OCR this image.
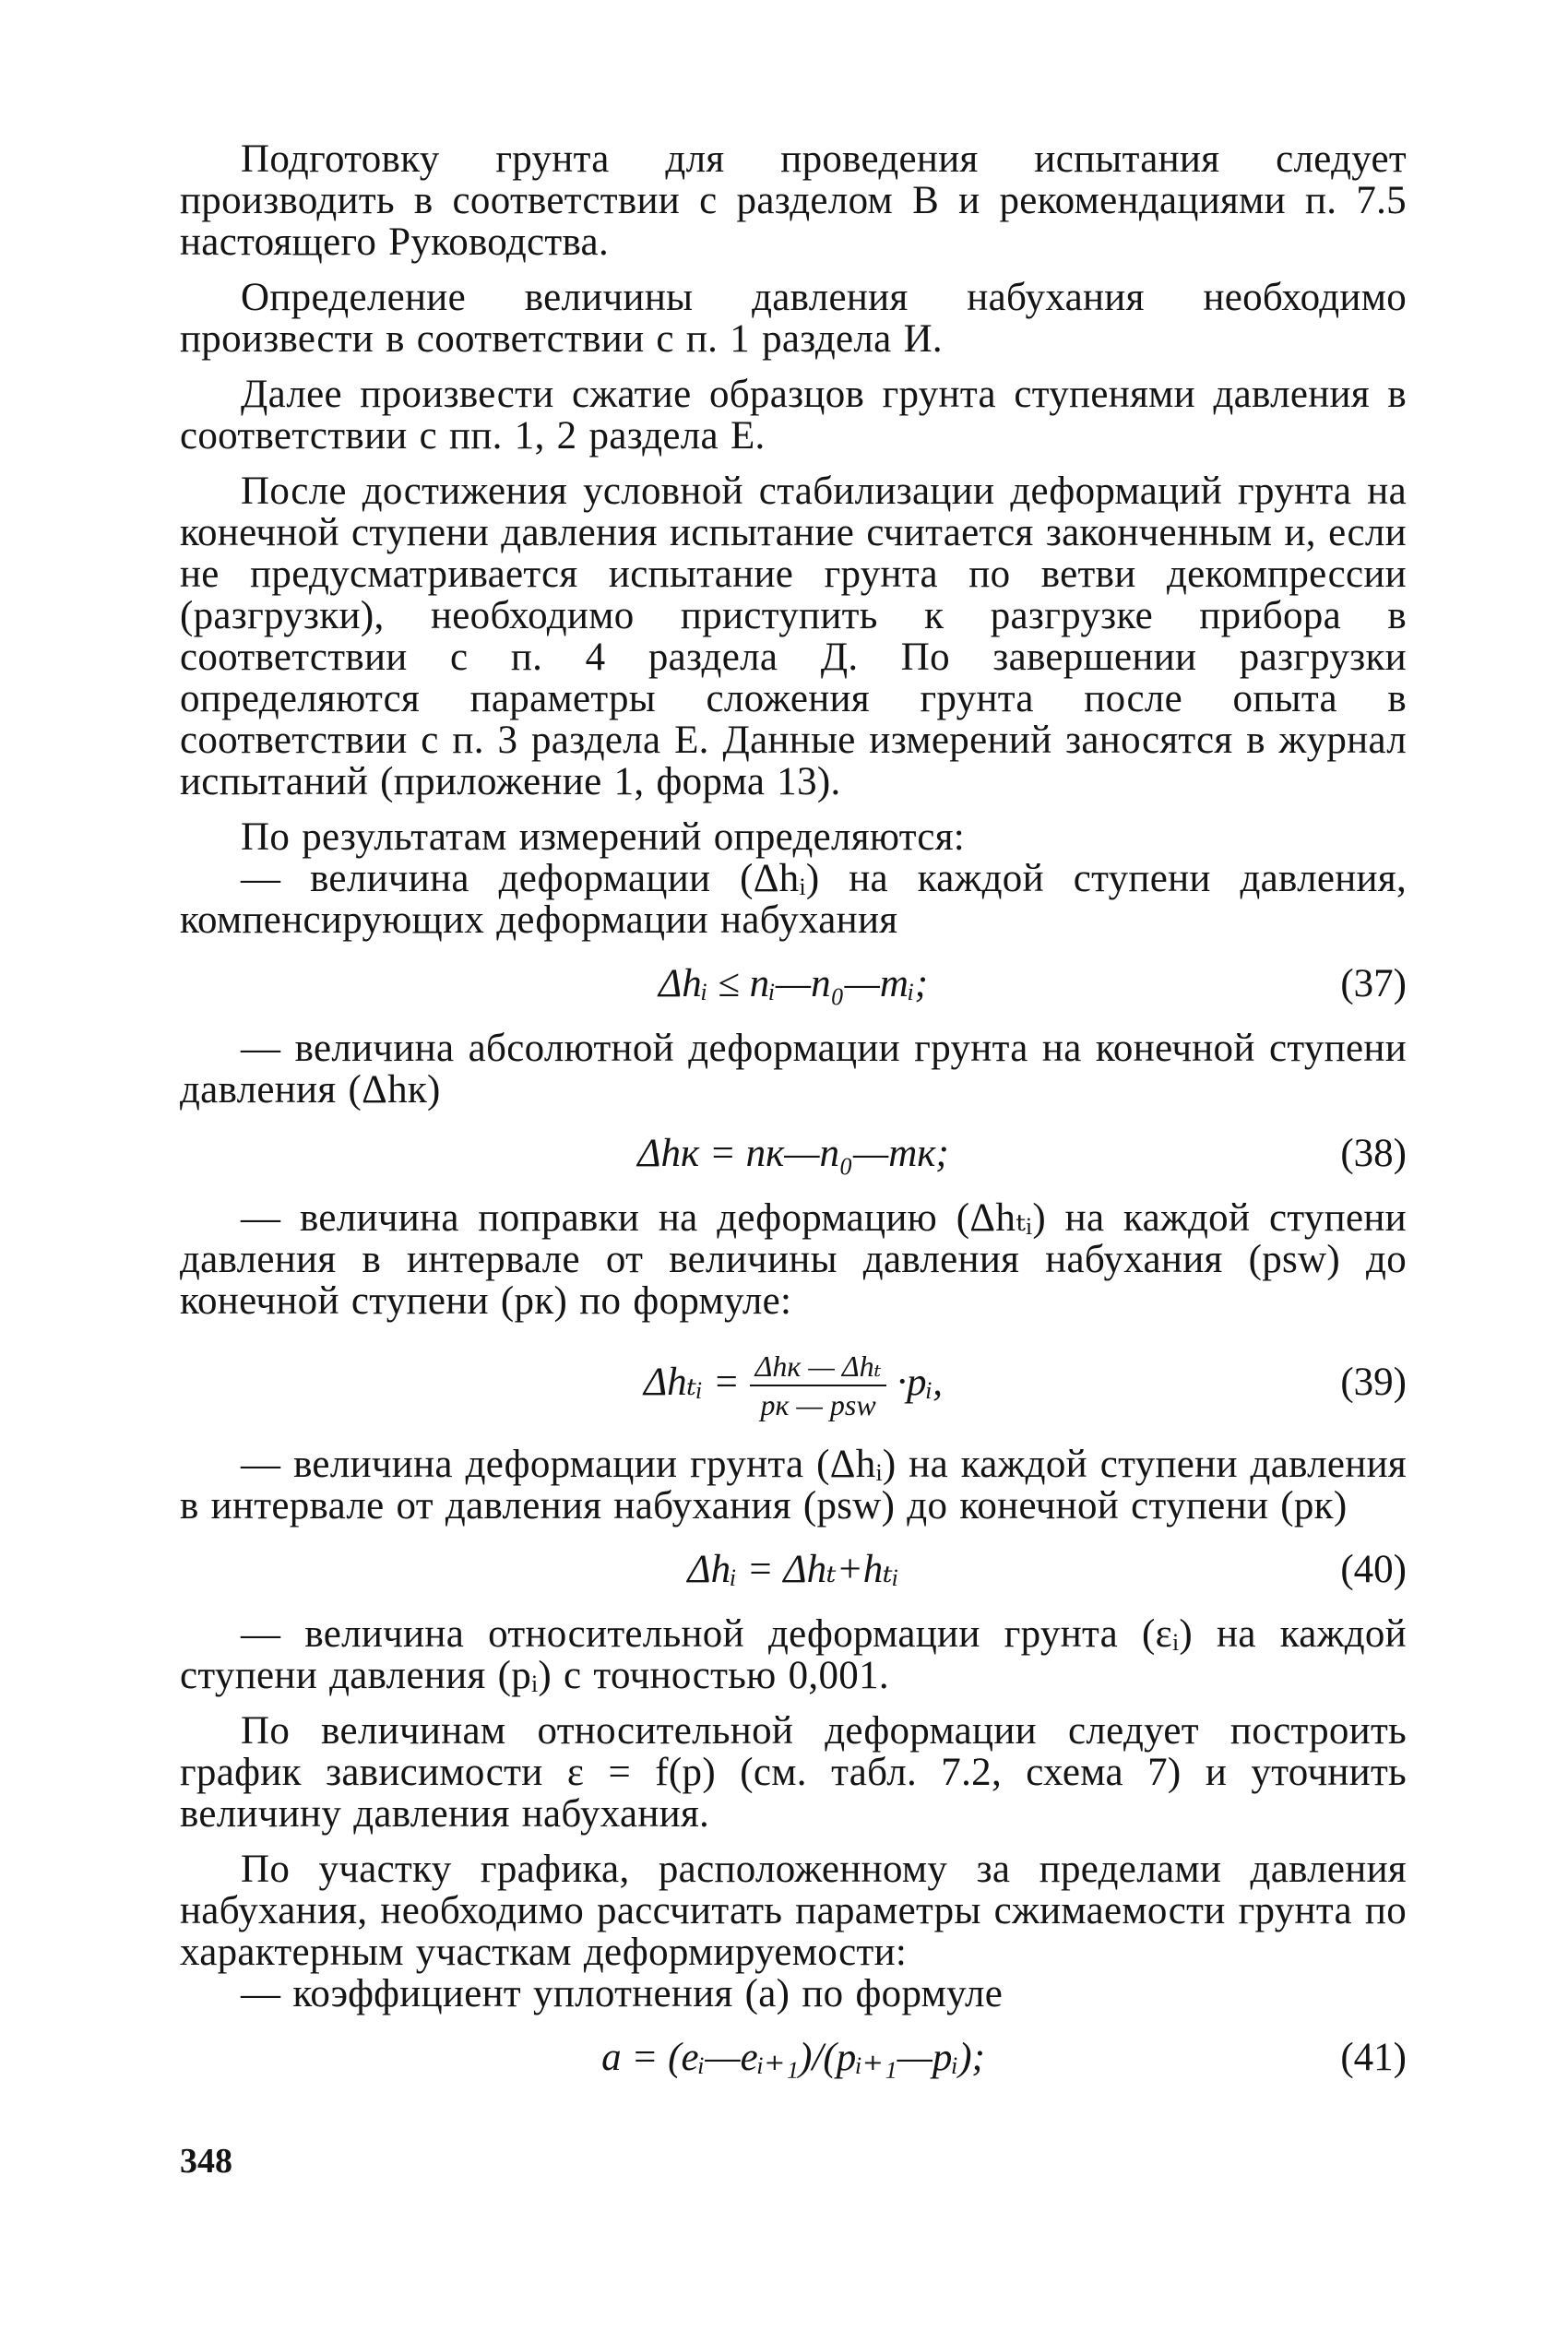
Подготовку грунта для проведения испытания следует производить в соответствии с разделом В и рекомендациями п. 7.5 настоящего Руководства.

Определение величины давления набухания необходимо произвести в соответствии с п. 1 раздела И.

Далее произвести сжатие образцов грунта ступенями давления в соответствии с пп. 1, 2 раздела Е.

После достижения условной стабилизации деформаций грунта на конечной ступени давления испытание считается законченным и, если не предусматривается испытание грунта по ветви декомпрессии (разгрузки), необходимо приступить к разгрузке прибора в соответствии с п. 4 раздела Д. По завершении разгрузки определяются параметры сложения грунта после опыта в соответствии с п. 3 раздела Е. Данные измерений заносятся в журнал испытаний (приложение 1, форма 13).

По результатам измерений определяются:

— величина деформации (Δhᵢ) на каждой ступени давления, компенсирующих деформации набухания

Δhᵢ ≤ nᵢ—n₀—mᵢ;	(37)

— величина абсолютной деформации грунта на конечной ступени давления (Δhк)

Δhк = nк—n₀—mк;	(38)

— величина поправки на деформацию (Δhₜᵢ) на каждой ступени давления в интервале от величины давления набухания (psw) до конечной ступени (pк) по формуле:

Δhₜᵢ = $\frac{\text{Δhк — Δhₜ}}{\text{pк — psw}}$ ·pᵢ,	(39)

— величина деформации грунта (Δhᵢ) на каждой ступени давления в интервале от давления набухания (psw) до конечной ступени (pк)

Δhᵢ = Δhₜ+hₜᵢ	(40)

— величина относительной деформации грунта (εᵢ) на каждой ступени давления (pᵢ) с точностью 0,001.

По величинам относительной деформации следует построить график зависимости ε = f(p) (см. табл. 7.2, схема 7) и уточнить величину давления набухания.

По участку графика, расположенному за пределами давления набухания, необходимо рассчитать параметры сжимаемости грунта по характерным участкам деформируемости:

— коэффициент уплотнения (a) по формуле

a = (eᵢ—eᵢ₊₁)/(pᵢ₊₁—pᵢ);	(41)
348
